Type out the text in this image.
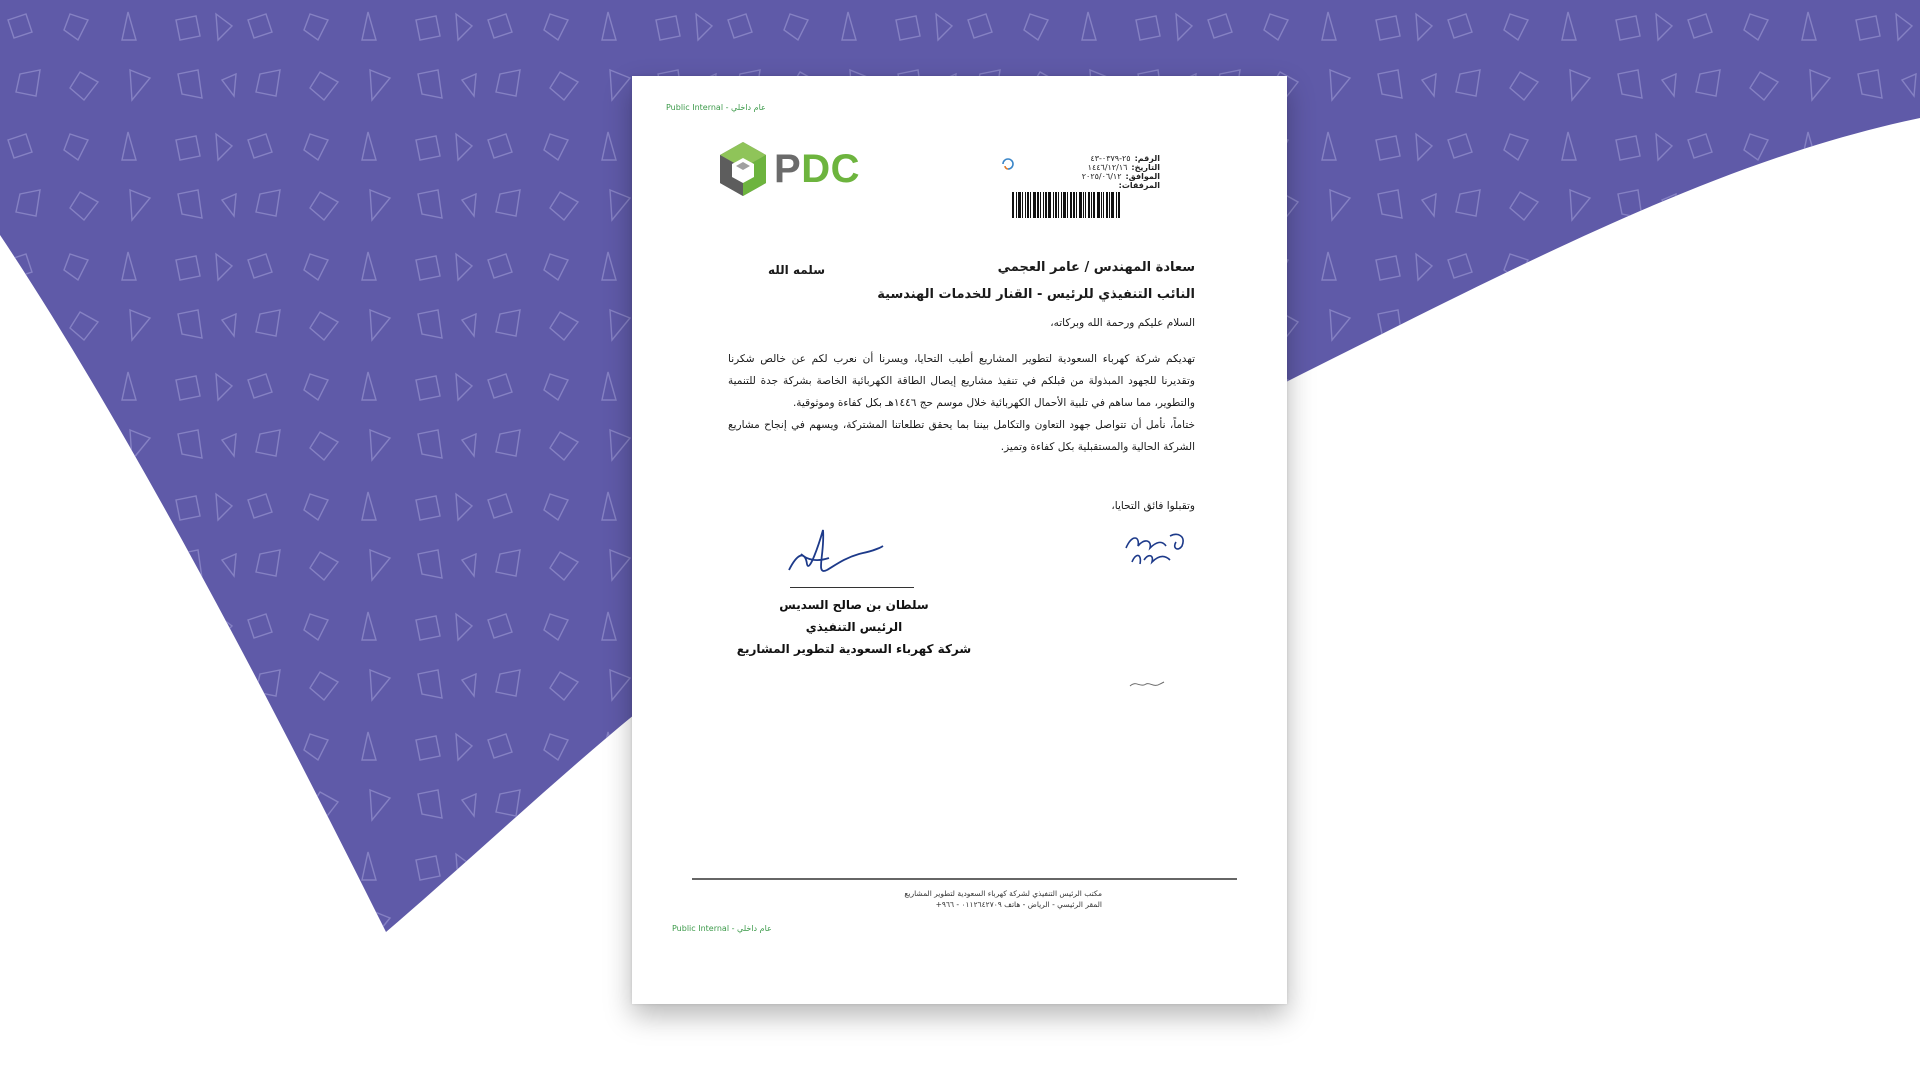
Public Internal - عام داخلي
PDC	الرقم:
٢٥-٠٣٧٩-٤٣
التاريخ:
١٤٤٦/١٢/١٦
الموافق:
٢٠٢٥/٠٦/١٢
المرفقات:
سعادة المهندس / عامر العجمي
سلمه الله
النائب التنفيذي للرئيس - القنار للخدمات الهندسية
السلام عليكم ورحمة الله وبركاته،

تهديكم شركة كهرباء السعودية لتطوير المشاريع أطيب التحايا، ويسرنا أن نعرب لكم عن خالص شكرنا وتقديرنا للجهود المبذولة من قبلكم في تنفيذ مشاريع إيصال الطاقة الكهربائية الخاصة بشركة جدة للتنمية والتطوير، مما ساهم في تلبية الأحمال الكهربائية خلال موسم حج ١٤٤٦هـ بكل كفاءة وموثوقية.

ختاماً، نأمل أن تتواصل جهود التعاون والتكامل بيننا بما يحقق تطلعاتنا المشتركة، ويسهم في إنجاح مشاريع الشركة الحالية والمستقبلية بكل كفاءة وتميز.

وتقبلوا فائق التحايا،
سلطان بن صالح السديس
الرئيس التنفيذي
شركة كهرباء السعودية لتطوير المشاريع
مكتب الرئيس التنفيذي لشركة كهرباء السعودية لتطوير المشاريع
المقر الرئيسي - الرياض - هاتف ٠١١٢٦٤٢٧٠٩ - ٩٦٦+
Public Internal - عام داخلي
